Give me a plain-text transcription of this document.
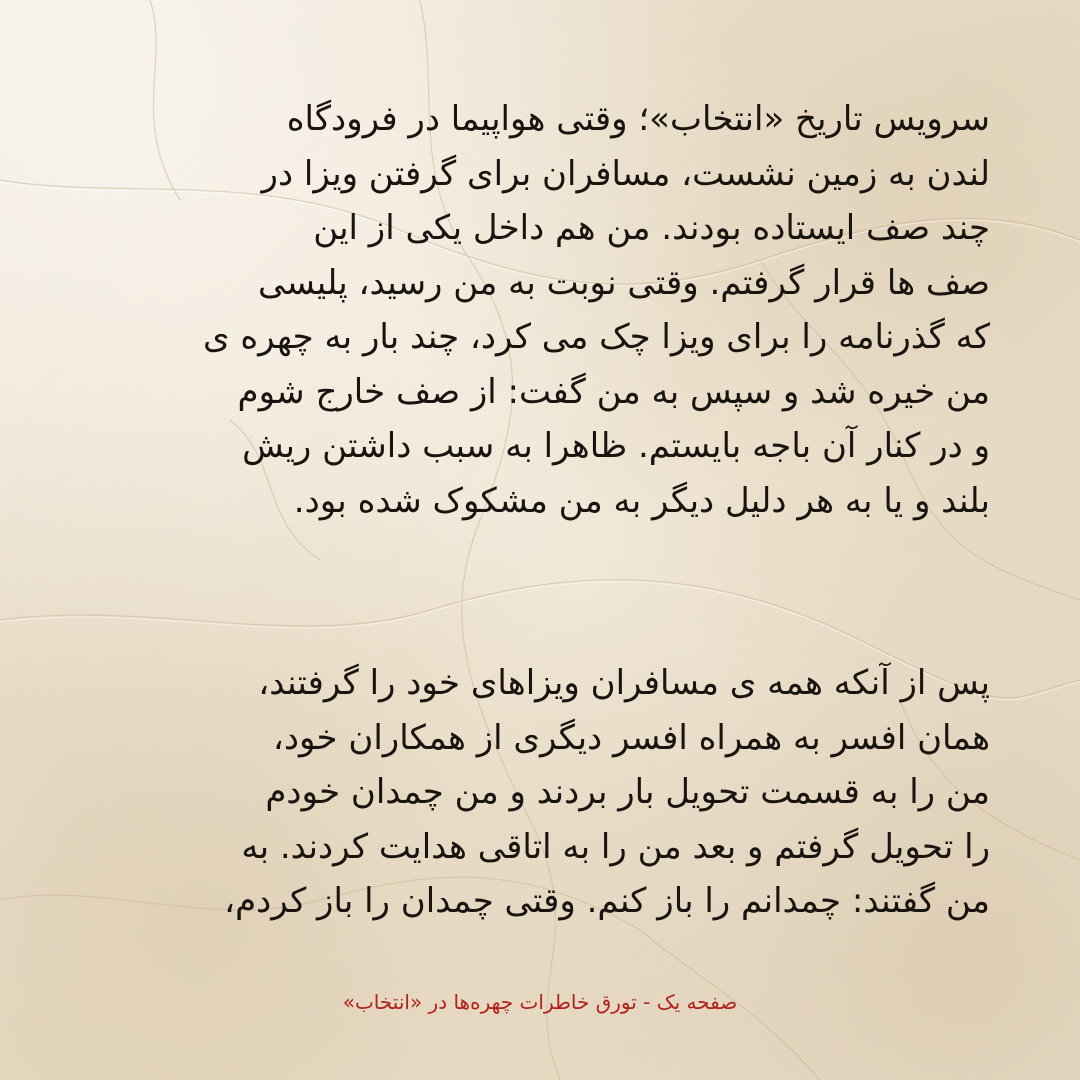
سرویس تاریخ «انتخاب»؛ وقتی هواپیما در فرودگاه
لندن به زمین نشست، مسافران برای گرفتن ویزا در
چند صف ایستاده بودند. من هم داخل یکی از این
صف ها قرار گرفتم. وقتی نوبت به من رسید، پلیسی
که گذرنامه را برای ویزا چک می کرد، چند بار به چهره ی
من خیره شد و سپس به من گفت: از صف خارج شوم
و در کنار آن باجه بایستم. ظاهرا به سبب داشتن ریش
بلند و یا به هر دلیل دیگر به من مشکوک شده بود.

پس از آنکه همه ی مسافران ویزاهای خود را گرفتند،
همان افسر به همراه افسر دیگری از همکاران خود،
من را به قسمت تحویل بار بردند و من چمدان خودم
را تحویل گرفتم و بعد من را به اتاقی هدایت کردند. به
من گفتند: چمدانم را باز کنم. وقتی چمدان را باز کردم،

صفحه یک - تورق خاطرات چهره‌ها در «انتخاب»
